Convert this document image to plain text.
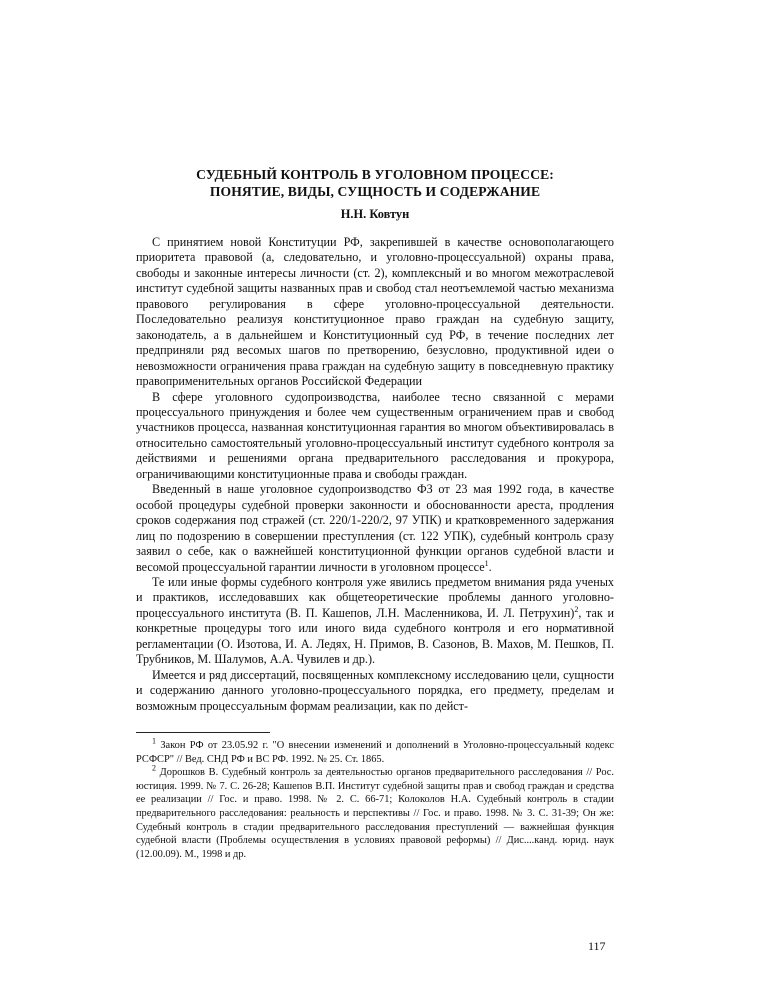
СУДЕБНЫЙ КОНТРОЛЬ В УГОЛОВНОМ ПРОЦЕССЕ:
ПОНЯТИЕ, ВИДЫ, СУЩНОСТЬ И СОДЕРЖАНИЕ
Н.Н. Ковтун

С принятием новой Конституции РФ, закрепившей в качестве основополагающего приоритета правовой (а, следовательно, и уголовно-процессуальной) охраны права, свободы и законные интересы личности (ст. 2), комплексный и во многом межотраслевой институт судебной защиты названных прав и свобод стал неотъемлемой частью механизма правового регулирования в сфере уголовно-процессуальной деятельности. Последовательно реализуя конституционное право граждан на судебную защиту, законодатель, а в дальнейшем и Конституционный суд РФ, в течение последних лет предприняли ряд весомых шагов по претворению, безусловно, продуктивной идеи о невозможности ограничения права граждан на судебную защиту в повседневную практику правоприменительных органов Российской Федерации

В сфере уголовного судопроизводства, наиболее тесно связанной с мерами процессуального принуждения и более чем существенным ограничением прав и свобод участников процесса, названная конституционная гарантия во многом объективировалась в относительно самостоятельный уголовно-процессуальный институт судебного контроля за действиями и решениями органа предварительного расследования и прокурора, ограничивающими конституционные права и свободы граждан.

Введенный в наше уголовное судопроизводство ФЗ от 23 мая 1992 года, в качестве особой процедуры судебной проверки законности и обоснованности ареста, продления сроков содержания под стражей (ст. 220/1-220/2, 97 УПК) и кратковременного задержания лиц по подозрению в совершении преступления (ст. 122 УПК), судебный контроль сразу заявил о себе, как о важнейшей конституционной функции органов судебной власти и весомой процессуальной гарантии личности в уголовном процессе$^1$.

Те или иные формы судебного контроля уже явились предметом внимания ряда ученых и практиков, исследовавших как общетеоретические проблемы данного уголовно-процессуального института (В. П. Кашепов, Л.Н. Масленникова, И. Л. Петрухин)$^2$, так и конкретные процедуры того или иного вида судебного контроля и его нормативной регламентации (О. Изотова, И. А. Ледях, Н. Примов, В. Сазонов, В. Махов, М. Пешков, П. Трубников, М. Шалумов, А.А. Чувилев и др.).

Имеется и ряд диссертаций, посвященных комплексному исследованию цели, сущности и содержанию данного уголовно-процессуального порядка, его предмету, пределам и возможным процессуальным формам реализации, как по дейст-

$^1$ Закон РФ от 23.05.92 г. "О внесении изменений и дополнений в Уголовно-процессуальный кодекс РСФСР" // Вед. СНД РФ и ВС РФ. 1992. № 25. Ст. 1865.

$^2$ Дорошков В. Судебный контроль за деятельностью органов предварительного расследования // Рос. юстиция. 1999. № 7. С. 26-28; Кашепов В.П. Институт судебной защиты прав и свобод граждан и средства ее реализации // Гос. и право. 1998. № 2. С. 66-71; Колоколов Н.А. Судебный контроль в стадии предварительного расследования: реальность и перспективы // Гос. и право. 1998. № 3. С. 31-39; Он же: Судебный контроль в стадии предварительного расследования преступлений — важнейшая функция судебной власти (Проблемы осуществления в условиях правовой реформы) // Дис....канд. юрид. наук (12.00.09). М., 1998 и др.

117
